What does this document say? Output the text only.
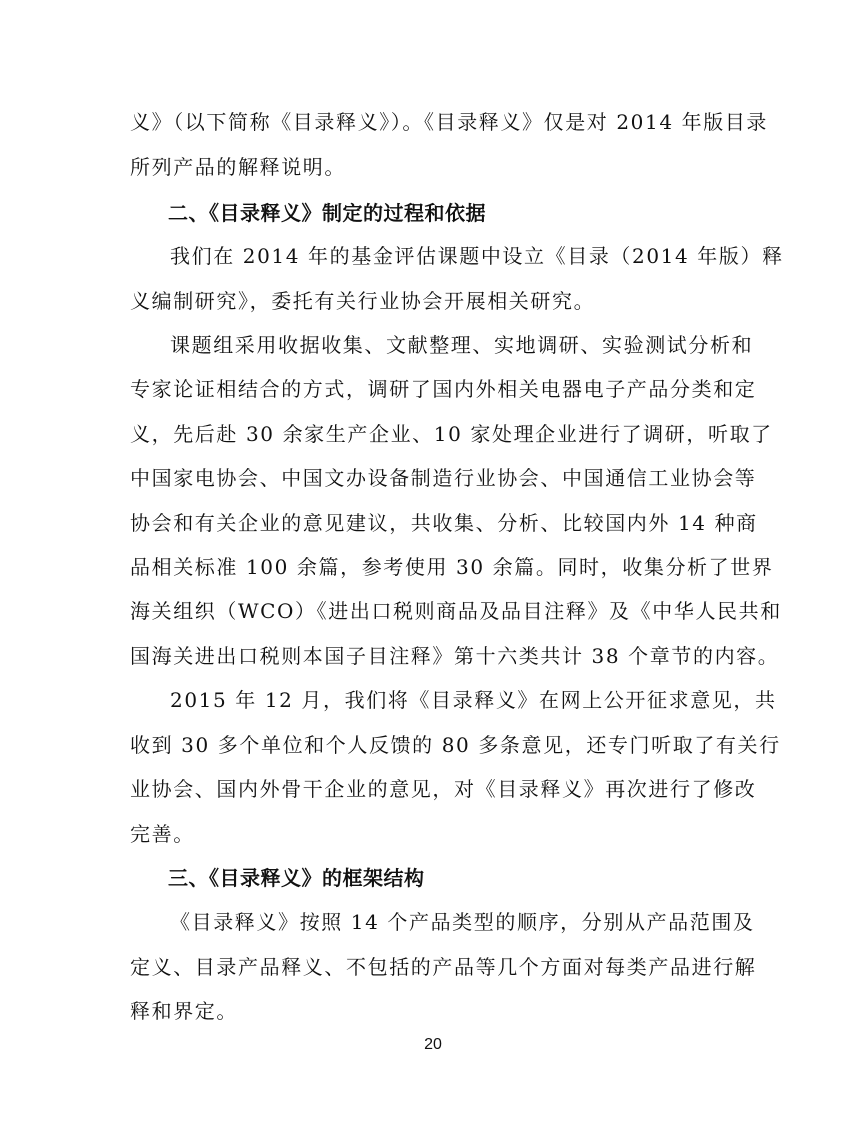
义》（以下简称《目录释义》）。《目录释义》仅是对 2014 年版目录
所列产品的解释说明。
二、《目录释义》制定的过程和依据
我们在 2014 年的基金评估课题中设立《目录（2014 年版）释
义编制研究》，委托有关行业协会开展相关研究。
课题组采用收据收集、文献整理、实地调研、实验测试分析和
专家论证相结合的方式，调研了国内外相关电器电子产品分类和定
义，先后赴 30 余家生产企业、10 家处理企业进行了调研，听取了
中国家电协会、中国文办设备制造行业协会、中国通信工业协会等
协会和有关企业的意见建议，共收集、分析、比较国内外 14 种商
品相关标准 100 余篇，参考使用 30 余篇。同时，收集分析了世界
海关组织（WCO）《进出口税则商品及品目注释》及《中华人民共和
国海关进出口税则本国子目注释》第十六类共计 38 个章节的内容。
2015 年 12 月，我们将《目录释义》在网上公开征求意见，共
收到 30 多个单位和个人反馈的 80 多条意见，还专门听取了有关行
业协会、国内外骨干企业的意见，对《目录释义》再次进行了修改
完善。
三、《目录释义》的框架结构
《目录释义》按照 14 个产品类型的顺序，分别从产品范围及
定义、目录产品释义、不包括的产品等几个方面对每类产品进行解
释和界定。
20
